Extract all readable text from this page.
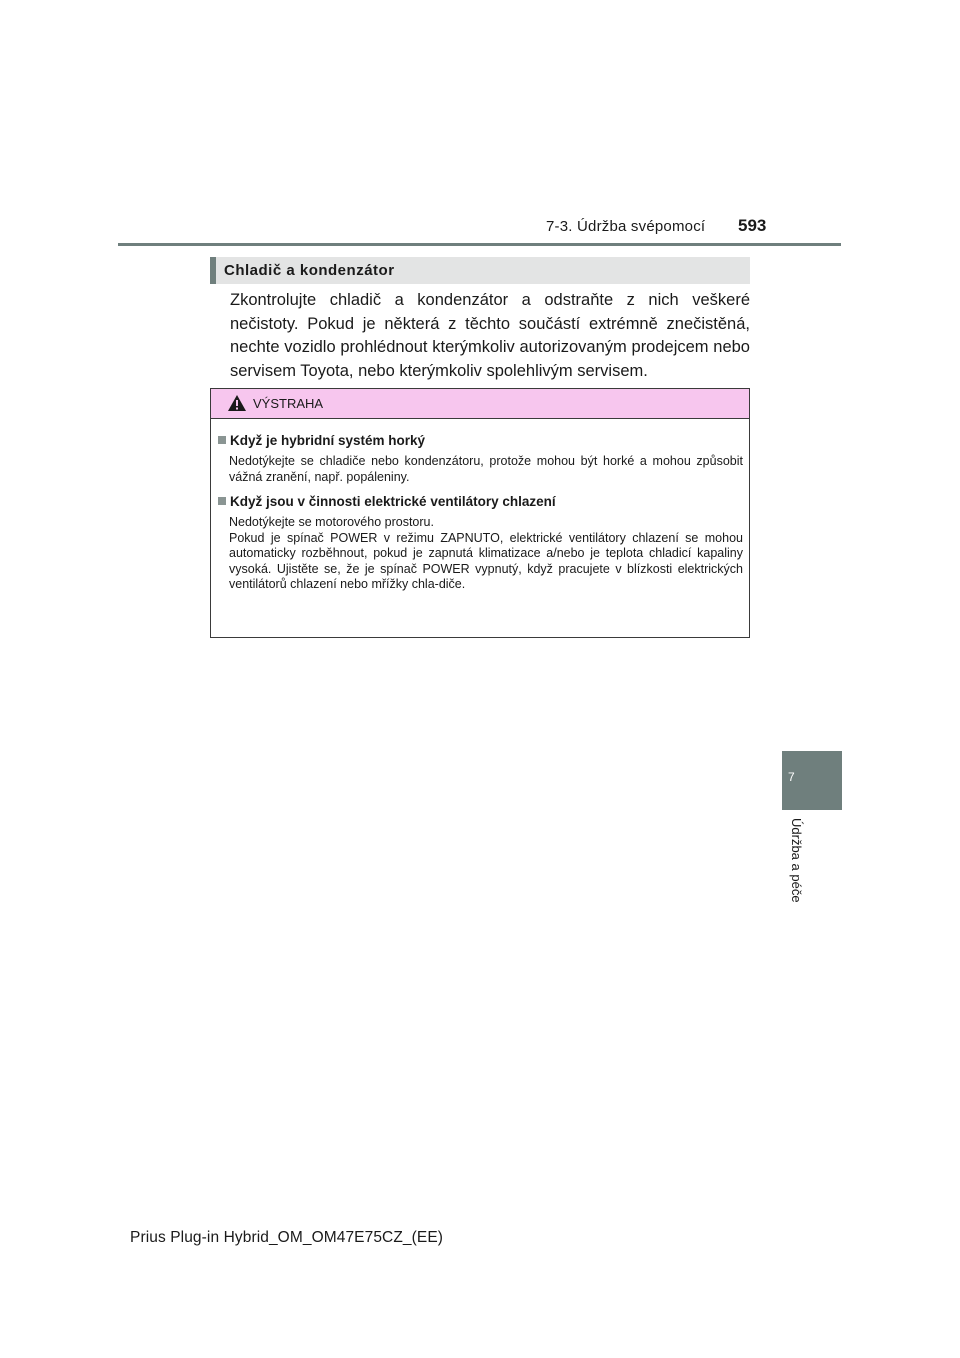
7-3. Údržba svépomocí 593
7
Údržba a péče
Chladič a kondenzátor
Zkontrolujte chladič a kondenzátor a odstraňte z nich veškeré nečistoty. Pokud je některá z těchto součástí extrémně znečistěná, nechte vozidlo prohlédnout kterýmkoliv autorizovaným prodejcem nebo servisem Toyota, nebo kterýmkoliv spolehlivým servisem.
VÝSTRAHA
Když je hybridní systém horký

Nedotýkejte se chladiče nebo kondenzátoru, protože mohou být horké a mohou způsobit vážná zranění, např. popáleniny.

Když jsou v činnosti elektrické ventilátory chlazení

Nedotýkejte se motorového prostoru.

Pokud je spínač POWER v režimu ZAPNUTO, elektrické ventilátory chlazení se mohou automaticky rozběhnout, pokud je zapnutá klimatizace a/nebo je teplota chladicí kapaliny vysoká. Ujistěte se, že je spínač POWER vypnutý, když pracujete v blízkosti elektrických ventilátorů chlazení nebo mřížky chla-diče.

Prius Plug-in Hybrid_OM_OM47E75CZ_(EE)
